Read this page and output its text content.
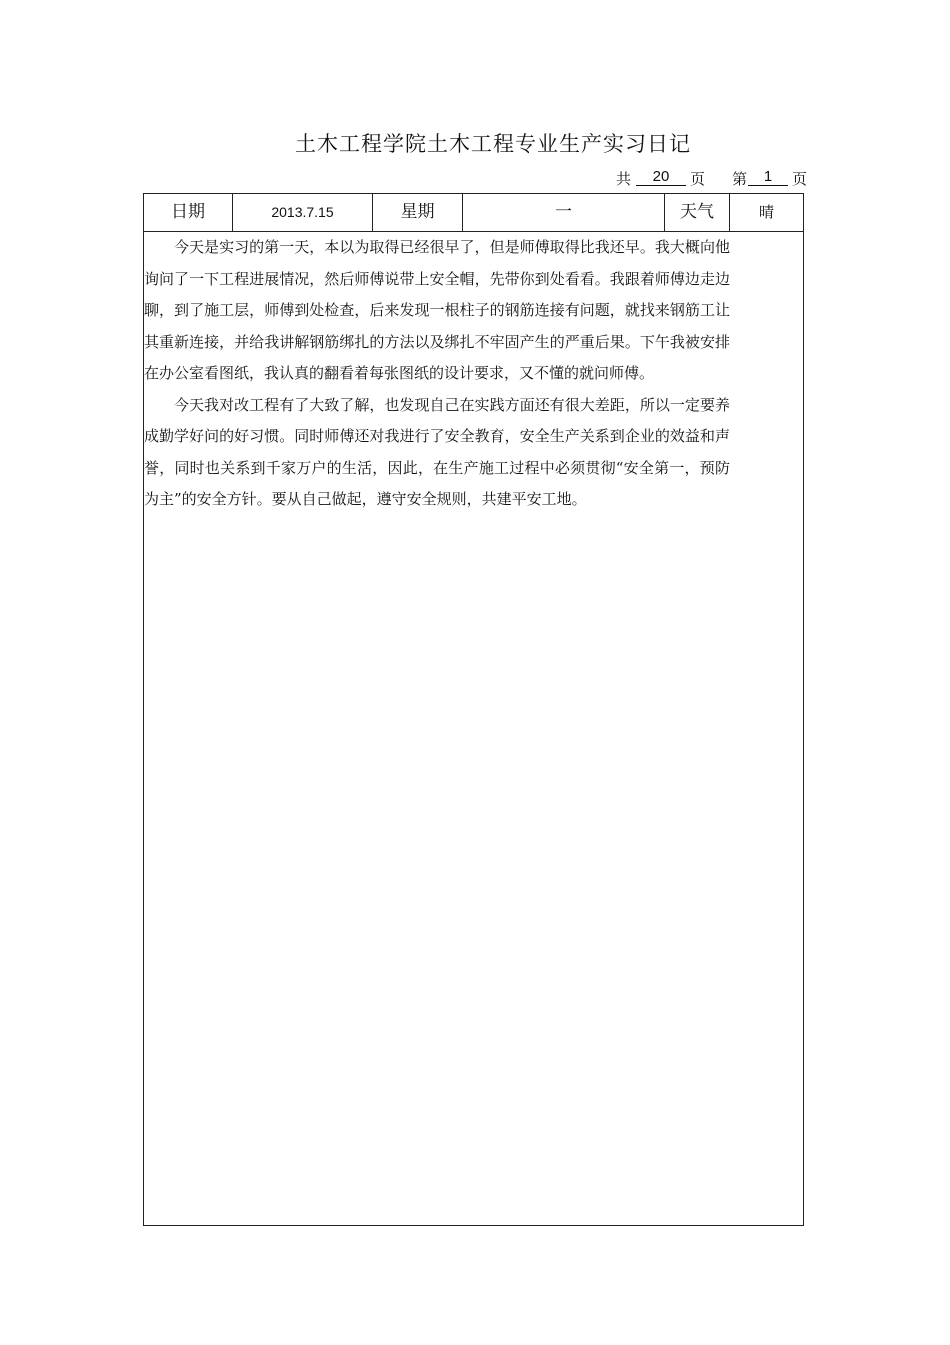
土木工程学院土木工程专业生产实习日记
共	20	页 第	1	页
日期	2013.7.15	星期	一	天气	晴

今天是实习的第一天，本以为取得已经很早了，但是师傅取得比我还早。我大概向他询问了一下工程进展情况，然后师傅说带上安全帽，先带你到处看看。我跟着师傅边走边聊，到了施工层，师傅到处检查，后来发现一根柱子的钢筋连接有问题，就找来钢筋工让其重新连接，并给我讲解钢筋绑扎的方法以及绑扎不牢固产生的严重后果。下午我被安排在办公室看图纸，我认真的翻看着每张图纸的设计要求，又不懂的就问师傅。

今天我对改工程有了大致了解，也发现自己在实践方面还有很大差距，所以一定要养成勤学好问的好习惯。同时师傅还对我进行了安全教育，安全生产关系到企业的效益和声誉，同时也关系到千家万户的生活，因此，在生产施工过程中必须贯彻“安全第一，预防为主”的安全方针。要从自己做起，遵守安全规则，共建平安工地。
